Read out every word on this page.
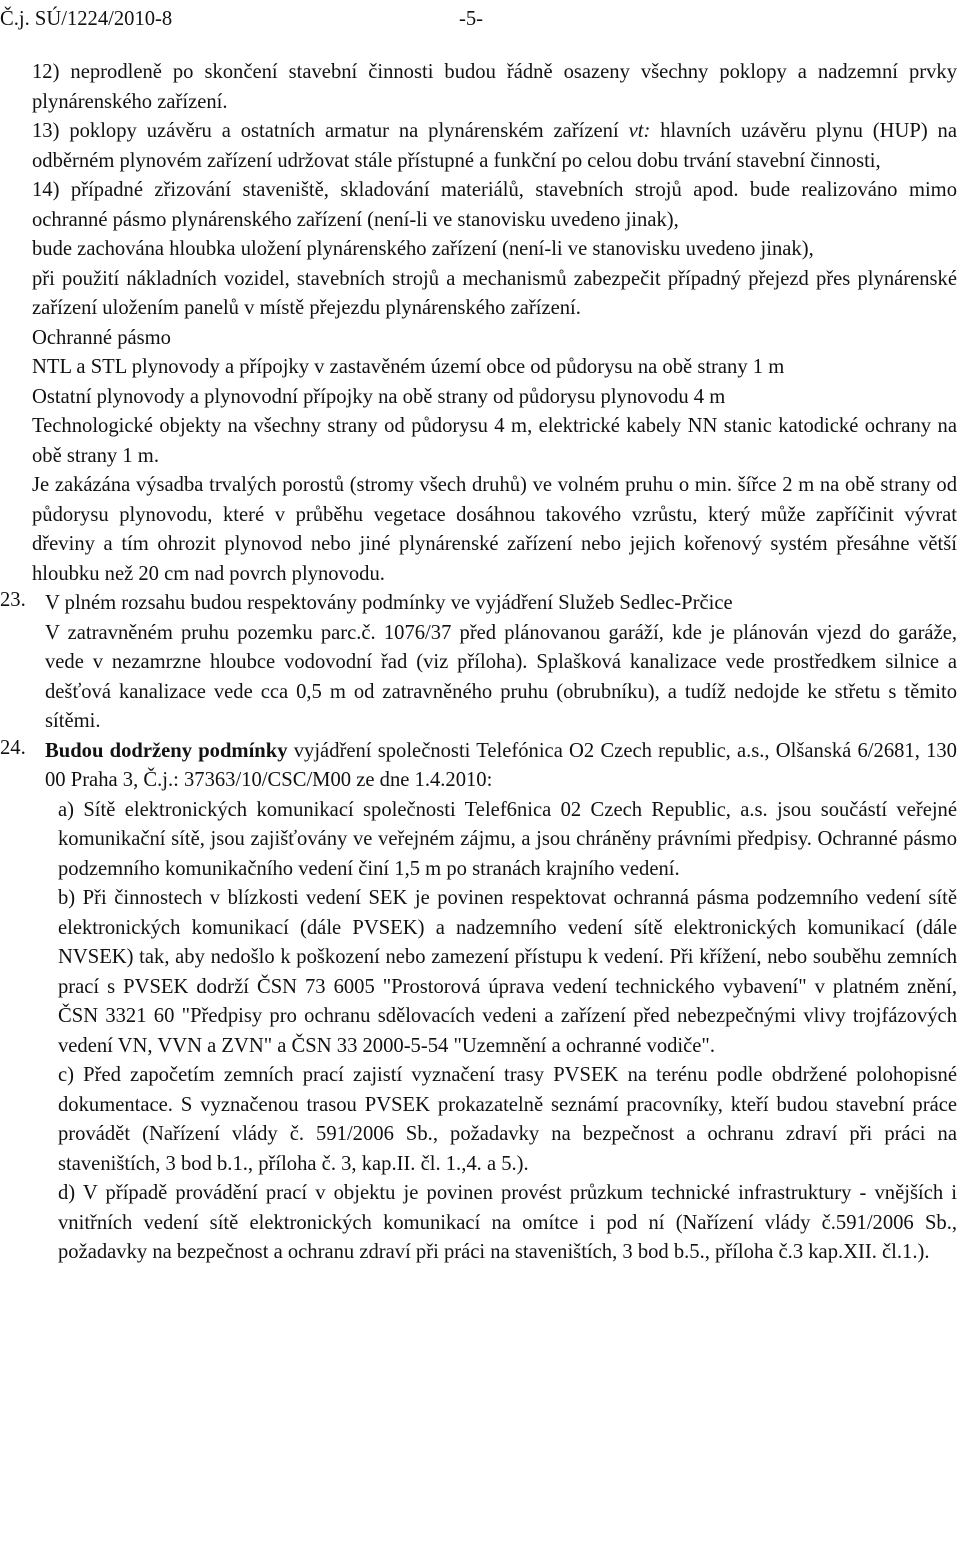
Č.j. SÚ/1224/2010-8	-5-

12) neprodleně po skončení stavební činnosti budou řádně osazeny všechny poklopy a nadzemní prvky plynárenského zařízení.

13) poklopy uzávěru a ostatních armatur na plynárenském zařízení vt: hlavních uzávěru plynu (HUP) na odběrném plynovém zařízení udržovat stále přístupné a funkční po celou dobu trvání stavební činnosti,

14) případné zřizování staveniště, skladování materiálů, stavebních strojů apod. bude realizováno mimo ochranné pásmo plynárenského zařízení (není-li ve stanovisku uvedeno jinak),

bude zachována hloubka uložení plynárenského zařízení (není-li ve stanovisku uvedeno jinak),

při použití nákladních vozidel, stavebních strojů a mechanismů zabezpečit případný přejezd přes plynárenské zařízení uložením panelů v místě přejezdu plynárenského zařízení.

Ochranné pásmo

NTL a STL plynovody a přípojky v zastavěném území obce od půdorysu na obě strany 1 m

Ostatní plynovody a plynovodní přípojky na obě strany od půdorysu plynovodu 4 m

Technologické objekty na všechny strany od půdorysu 4 m, elektrické kabely NN stanic katodické ochrany na obě strany 1 m.

Je zakázána výsadba trvalých porostů (stromy všech druhů) ve volném pruhu o min. šířce 2 m na obě strany od půdorysu plynovodu, které v průběhu vegetace dosáhnou takového vzrůstu, který může zapříčinit vývrat dřeviny a tím ohrozit plynovod nebo jiné plynárenské zařízení nebo jejich kořenový systém přesáhne větší hloubku než 20 cm nad povrch plynovodu.

23. V plném rozsahu budou respektovány podmínky ve vyjádření Služeb Sedlec-Prčice

V zatravněném pruhu pozemku parc.č. 1076/37 před plánovanou garáží, kde je plánován vjezd do garáže, vede v nezamrzne hloubce vodovodní řad (viz příloha). Splašková kanalizace vede prostředkem silnice a dešťová kanalizace vede cca 0,5 m od zatravněného pruhu (obrubníku), a tudíž nedojde ke střetu s těmito sítěmi.

24. Budou dodrženy podmínky vyjádření společnosti Telefónica O2 Czech republic, a.s., Olšanská 6/2681, 130 00 Praha 3, Č.j.: 37363/10/CSC/M00 ze dne 1.4.2010:

a) Sítě elektronických komunikací společnosti Telef6nica 02 Czech Republic, a.s. jsou součástí veřejné komunikační sítě, jsou zajišťovány ve veřejném zájmu, a jsou chráněny právními předpisy. Ochranné pásmo podzemního komunikačního vedení činí 1,5 m po stranách krajního vedení.

b) Při činnostech v blízkosti vedení SEK je povinen respektovat ochranná pásma podzemního vedení sítě elektronických komunikací (dále PVSEK) a nadzemního vedení sítě elektronických komunikací (dále NVSEK) tak, aby nedošlo k poškození nebo zamezení přístupu k vedení. Při křížení, nebo souběhu zemních prací s PVSEK dodrží ČSN 73 6005 "Prostorová úprava vedení technického vybavení" v platném znění, ČSN 3321 60 "Předpisy pro ochranu sdělovacích vedeni a zařízení před nebezpečnými vlivy trojfázových vedení VN, VVN a ZVN" a ČSN 33 2000-5-54 "Uzemnění a ochranné vodiče".

c) Před započetím zemních prací zajistí vyznačení trasy PVSEK na terénu podle obdržené polohopisné dokumentace. S vyznačenou trasou PVSEK prokazatelně seznámí pracovníky, kteří budou stavební práce provádět (Nařízení vlády č. 591/2006 Sb., požadavky na bezpečnost a ochranu zdraví při práci na staveništích, 3 bod b.1., příloha č. 3, kap.II. čl. 1.,4. a 5.).

d) V případě provádění prací v objektu je povinen provést průzkum technické infrastruktury - vnějších i vnitřních vedení sítě elektronických komunikací na omítce i pod ní (Nařízení vlády č.591/2006 Sb., požadavky na bezpečnost a ochranu zdraví při práci na staveništích, 3 bod b.5., příloha č.3 kap.XII. čl.1.).
